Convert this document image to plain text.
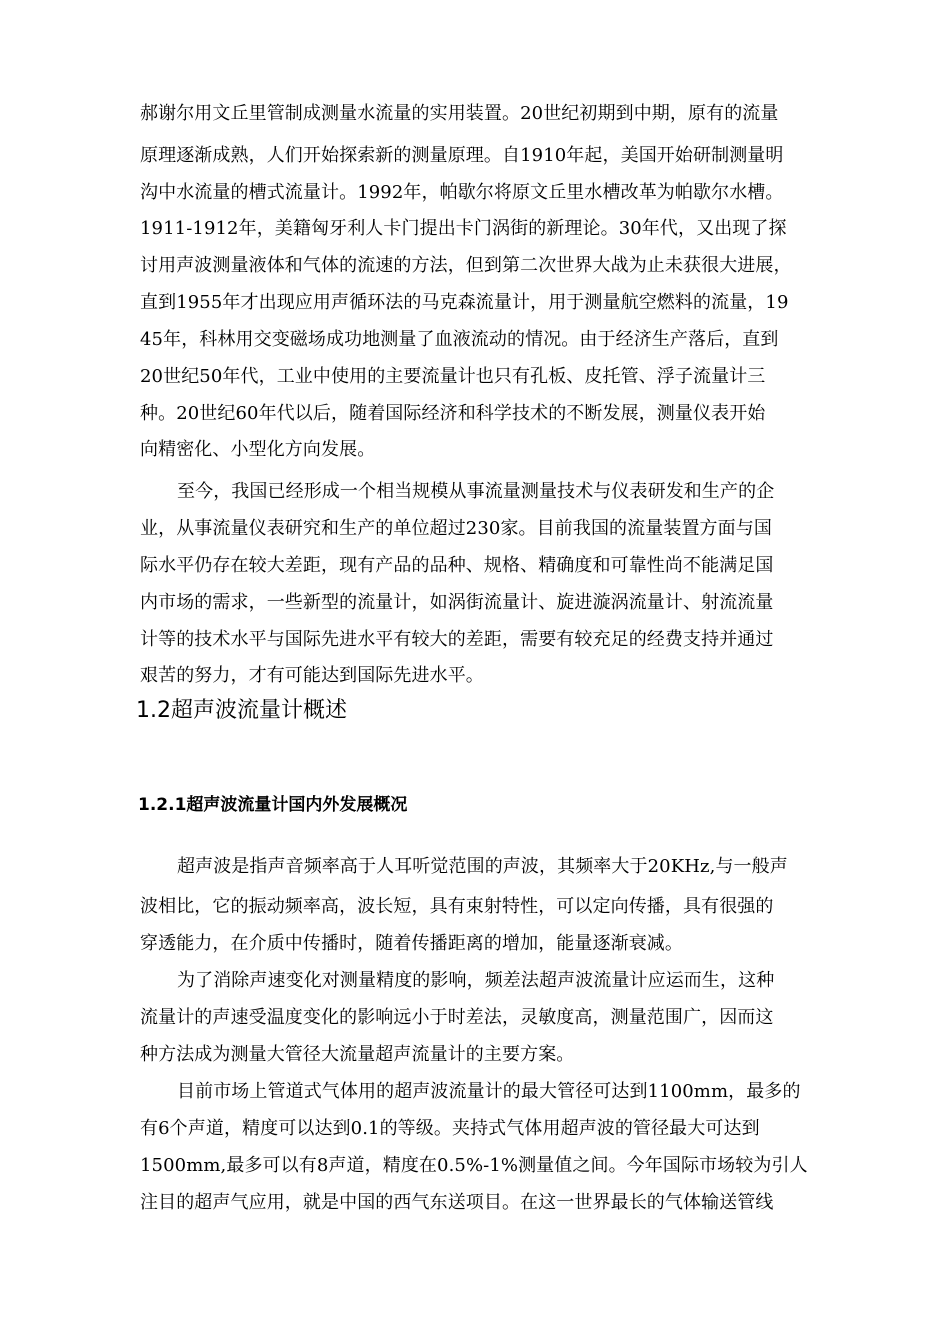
郝谢尔用文丘里管制成测量水流量的实用装置。20世纪初期到中期，原有的流量
原理逐渐成熟，人们开始探索新的测量原理。自1910年起，美国开始研制测量明
沟中水流量的槽式流量计。1992年，帕歇尔将原文丘里水槽改革为帕歇尔水槽。
1911-1912年，美籍匈牙利人卡门提出卡门涡街的新理论。30年代，又出现了探
讨用声波测量液体和气体的流速的方法，但到第二次世界大战为止未获很大进展，
直到1955年才出现应用声循环法的马克森流量计，用于测量航空燃料的流量，19
45年，科林用交变磁场成功地测量了血液流动的情况。由于经济生产落后，直到
20世纪50年代，工业中使用的主要流量计也只有孔板、皮托管、浮子流量计三
种。20世纪60年代以后，随着国际经济和科学技术的不断发展，测量仪表开始
向精密化、小型化方向发展。
至今，我国已经形成一个相当规模从事流量测量技术与仪表研发和生产的企
业，从事流量仪表研究和生产的单位超过230家。目前我国的流量装置方面与国
际水平仍存在较大差距，现有产品的品种、规格、精确度和可靠性尚不能满足国
内市场的需求，一些新型的流量计，如涡街流量计、旋进漩涡流量计、射流流量
计等的技术水平与国际先进水平有较大的差距，需要有较充足的经费支持并通过
艰苦的努力，才有可能达到国际先进水平。
1.2超声波流量计概述
1.2.1超声波流量计国内外发展概况
超声波是指声音频率高于人耳听觉范围的声波，其频率大于20KHz,与一般声
波相比，它的振动频率高，波长短，具有束射特性，可以定向传播，具有很强的
穿透能力，在介质中传播时，随着传播距离的增加，能量逐渐衰减。
为了消除声速变化对测量精度的影响，频差法超声波流量计应运而生，这种
流量计的声速受温度变化的影响远小于时差法，灵敏度高，测量范围广，因而这
种方法成为测量大管径大流量超声流量计的主要方案。
目前市场上管道式气体用的超声波流量计的最大管径可达到1100mm，最多的
有6个声道，精度可以达到0.1的等级。夹持式气体用超声波的管径最大可达到
1500mm,最多可以有8声道，精度在0.5%-1%测量值之间。今年国际市场较为引人
注目的超声气应用，就是中国的西气东送项目。在这一世界最长的气体输送管线
